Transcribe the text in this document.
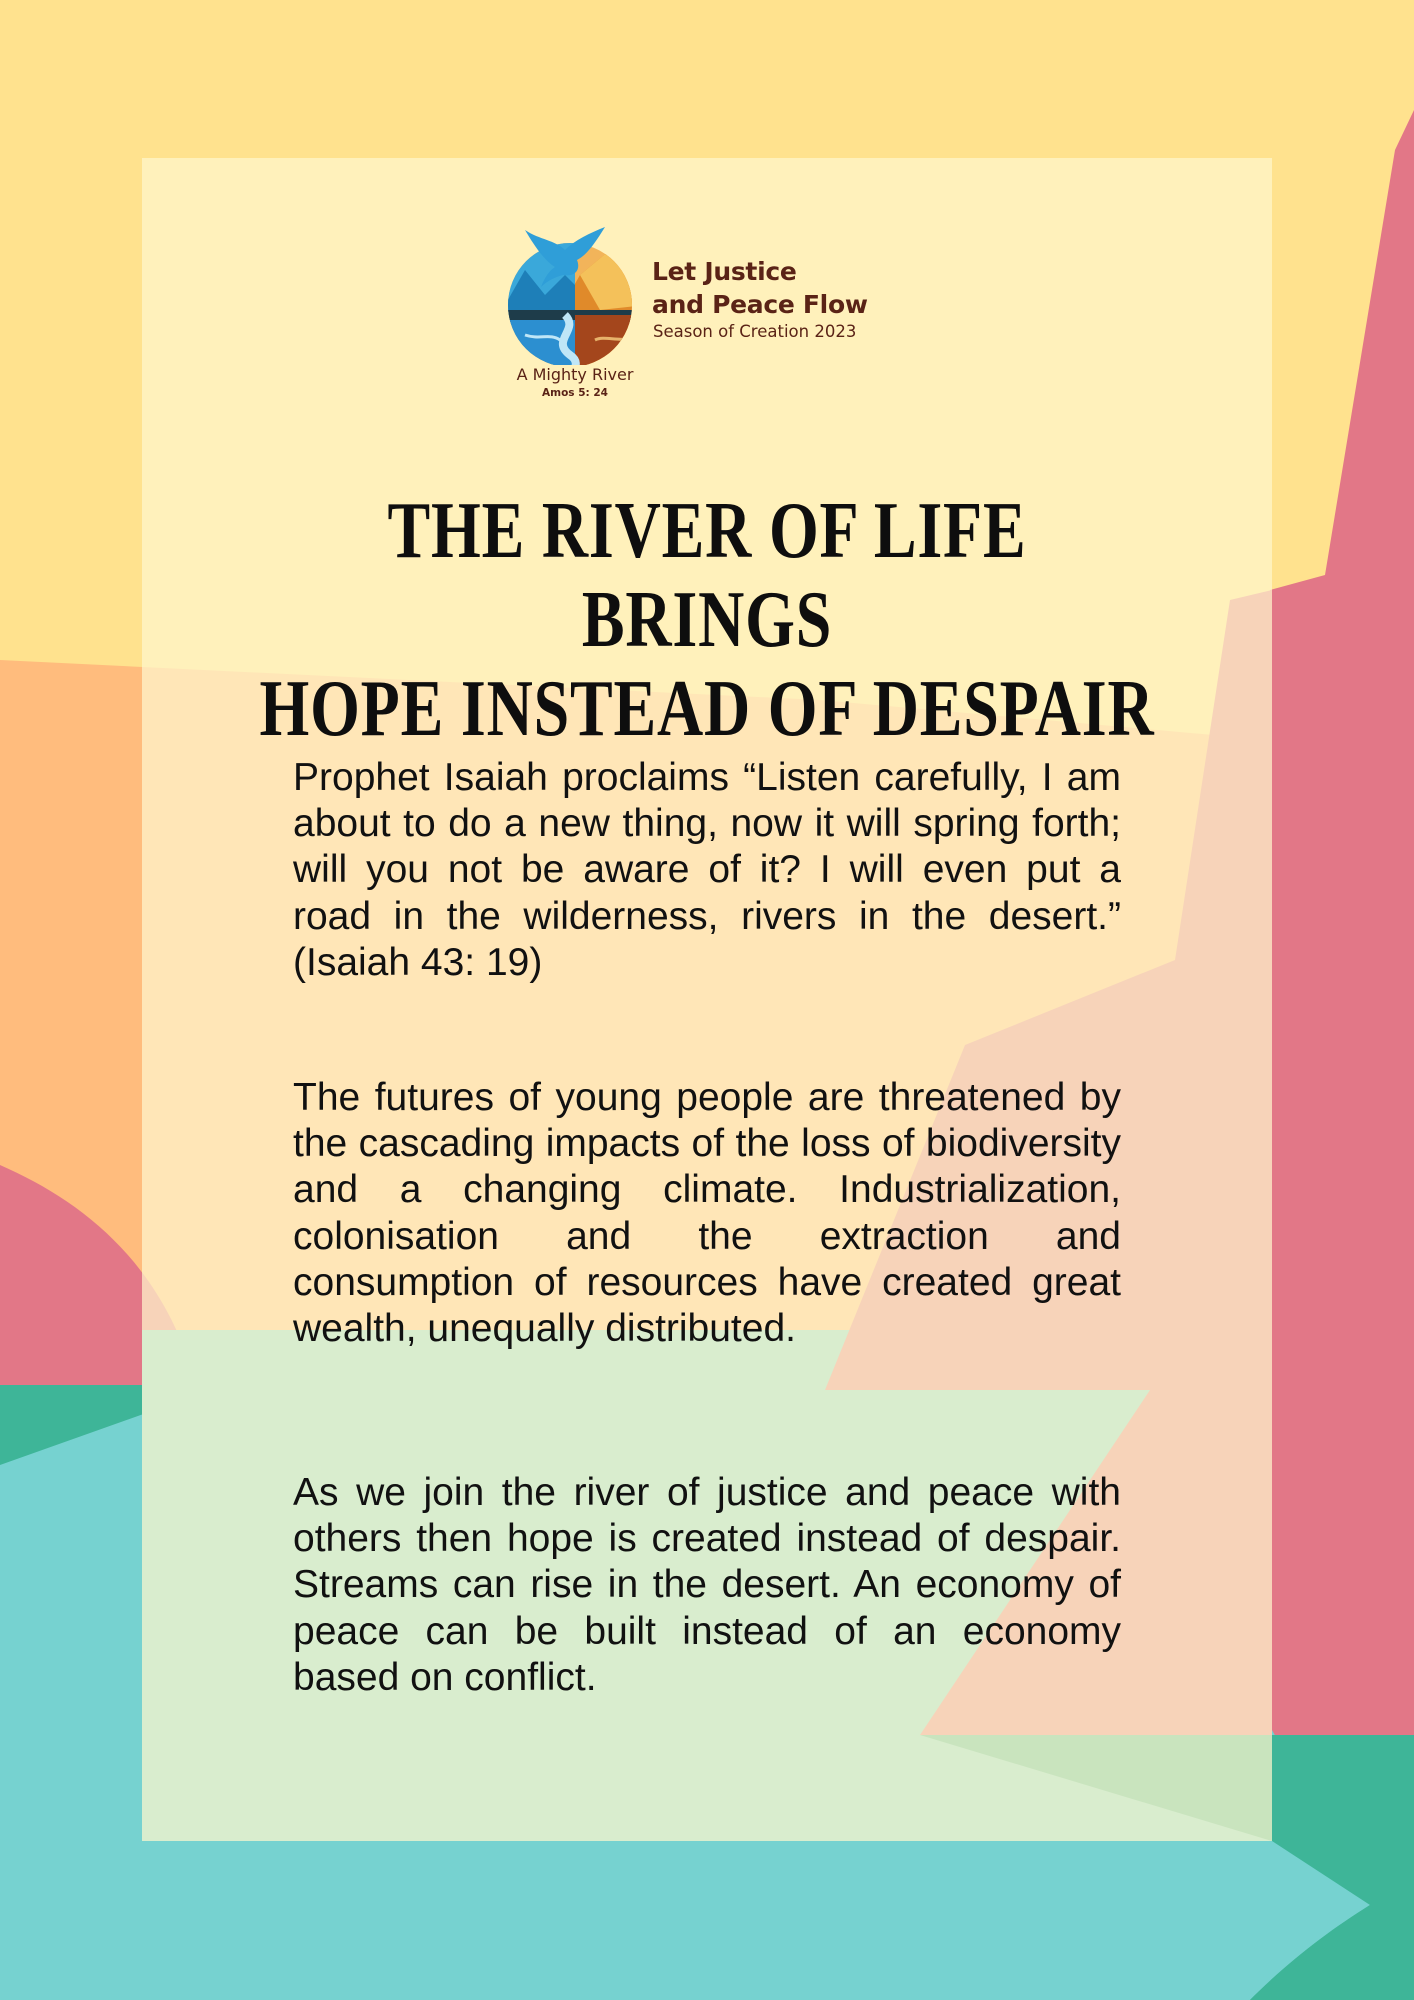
Let Justice
and Peace Flow
Season of Creation 2023
A Mighty River
Amos 5: 24
THE RIVER OF LIFE BRINGS
HOPE INSTEAD OF DESPAIR

Prophet Isaiah proclaims “Listen carefully, I am about to do a new thing, now it will spring forth; will you not be aware of it? I will even put a road in the wilderness, rivers in the desert.” (Isaiah 43: 19)

The futures of young people are threatened by the cascading impacts of the loss of biodiversity and a changing climate. Industrialization, colonisation and the extraction and consumption of resources have created great wealth, unequally distributed.

As we join the river of justice and peace with others then hope is created instead of despair. Streams can rise in the desert. An economy of peace can be built instead of an economy based on conflict.
